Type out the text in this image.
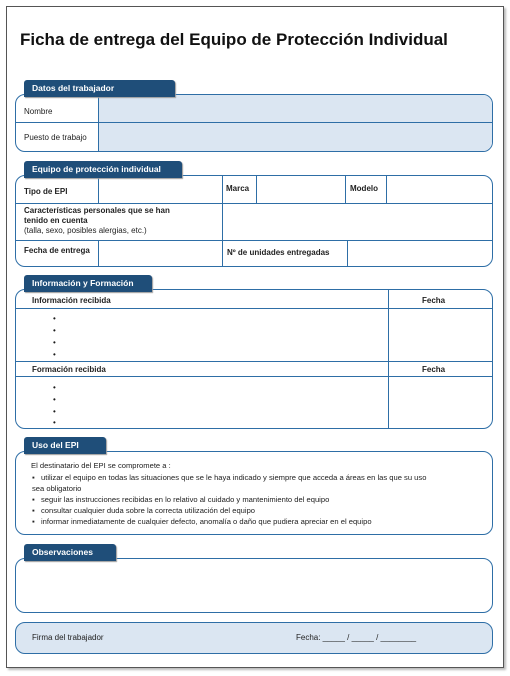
Ficha de entrega del Equipo de Protección Individual
Datos del trabajador
Nombre
Puesto de trabajo
Equipo de protección individual
Tipo de EPI	Marca	Modelo
Características personales que se han
tenido en cuenta
(talla, sexo, posibles alergias, etc.)
Fecha de entrega	Nº de unidades entregadas
Información y Formación
Información recibida	Fecha
•
•
•
•
Formación recibida	Fecha
•
•
•
•
Uso del EPI
El destinatario del EPI se compromete a :
▪ utilizar el equipo en todas las situaciones que se le haya indicado y siempre que acceda a áreas en las que su uso
sea obligatorio
▪ seguir las instrucciones recibidas en lo relativo al cuidado y mantenimiento del equipo
▪ consultar cualquier duda sobre la correcta utilización del equipo
▪ informar inmediatamente de cualquier defecto, anomalía o daño que pudiera apreciar en el equipo
Observaciones
Firma del trabajador	Fecha: _____ / _____ / ________
